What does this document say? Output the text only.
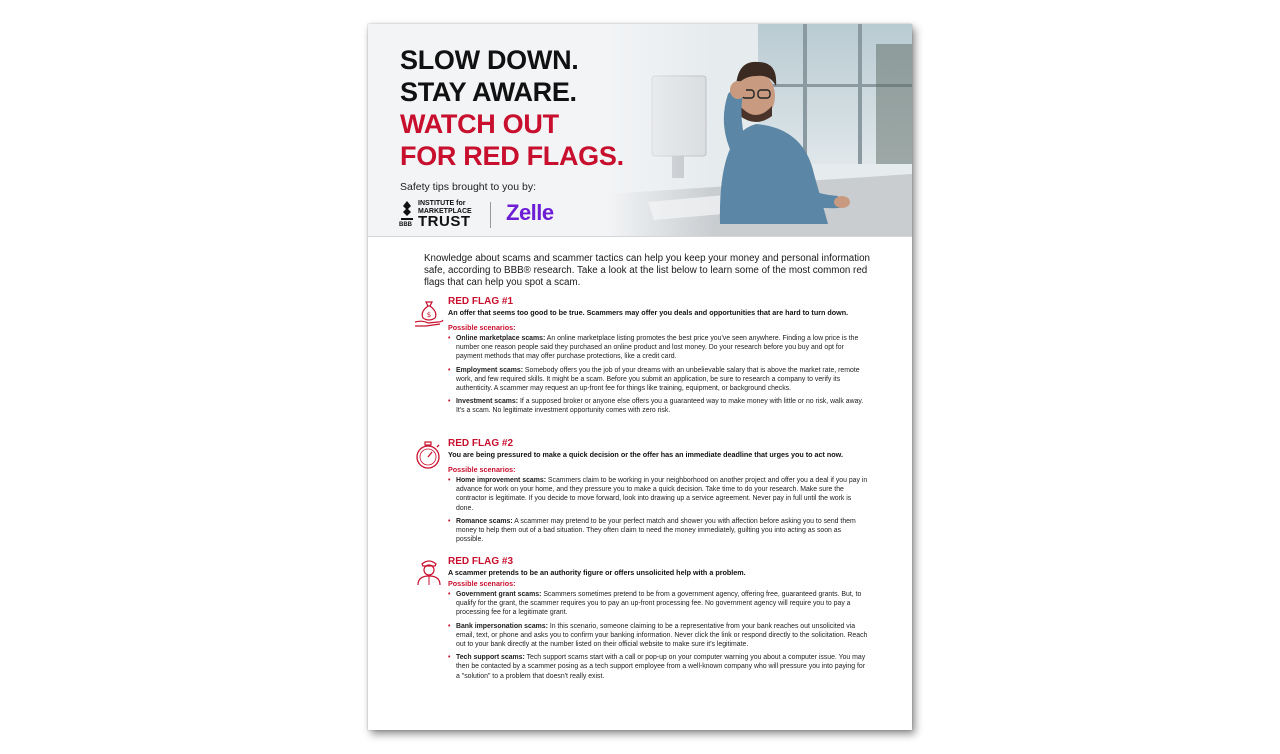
SLOW DOWN.
STAY AWARE.
WATCH OUT
FOR RED FLAGS.
Safety tips brought to you by:
BBB
INSTITUTE for
MARKETPLACE
TRUST Zelle
Knowledge about scams and scammer tactics can help you keep your money and personal information safe, according to BBB® research. Take a look at the list below to learn some of the most common red flags that can help you spot a scam.
$
RED FLAG #1
An offer that seems too good to be true. Scammers may offer you deals and opportunities that are hard to turn down.
Possible scenarios:
• Online marketplace scams: An online marketplace listing promotes the best price you've seen anywhere. Finding a low price is the number one reason people said they purchased an online product and lost money. Do your research before you buy and opt for payment methods that may offer purchase protections, like a credit card.
• Employment scams: Somebody offers you the job of your dreams with an unbelievable salary that is above the market rate, remote work, and few required skills. It might be a scam. Before you submit an application, be sure to research a company to verify its authenticity. A scammer may request an up-front fee for things like training, equipment, or background checks.
• Investment scams: If a supposed broker or anyone else offers you a guaranteed way to make money with little or no risk, walk away. It's a scam. No legitimate investment opportunity comes with zero risk.
RED FLAG #2
You are being pressured to make a quick decision or the offer has an immediate deadline that urges you to act now.
Possible scenarios:
• Home improvement scams: Scammers claim to be working in your neighborhood on another project and offer you a deal if you pay in advance for work on your home, and they pressure you to make a quick decision. Take time to do your research. Make sure the contractor is legitimate. If you decide to move forward, look into drawing up a service agreement. Never pay in full until the work is done.
• Romance scams: A scammer may pretend to be your perfect match and shower you with affection before asking you to send them money to help them out of a bad situation. They often claim to need the money immediately, guilting you into acting as soon as possible.
RED FLAG #3
A scammer pretends to be an authority figure or offers unsolicited help with a problem.
Possible scenarios:
• Government grant scams: Scammers sometimes pretend to be from a government agency, offering free, guaranteed grants. But, to qualify for the grant, the scammer requires you to pay an up-front processing fee. No government agency will require you to pay a processing fee for a legitimate grant.
• Bank impersonation scams: In this scenario, someone claiming to be a representative from your bank reaches out unsolicited via email, text, or phone and asks you to confirm your banking information. Never click the link or respond directly to the solicitation. Reach out to your bank directly at the number listed on their official website to make sure it's legitimate.
• Tech support scams: Tech support scams start with a call or pop-up on your computer warning you about a computer issue. You may then be contacted by a scammer posing as a tech support employee from a well-known company who will pressure you into paying for a "solution" to a problem that doesn't really exist.
